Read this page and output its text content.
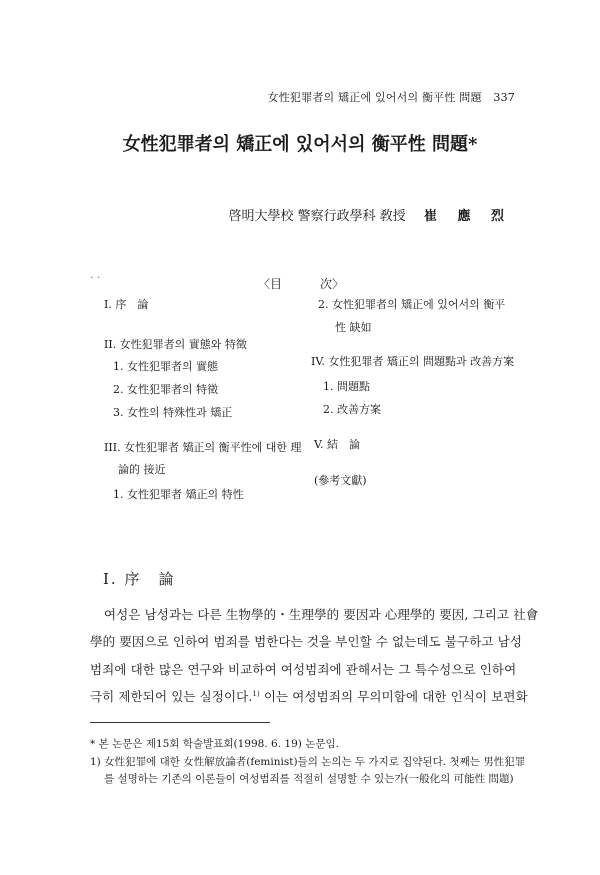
女性犯罪者의 矯正에 있어서의 衡平性 問題 337
女性犯罪者의 矯正에 있어서의 衡平性 問題*
啓明大學校 警察行政學科 敎授 崔 應 烈
· ·	〈目	次〉
I. 序　論
II. 女性犯罪者의 實態와 特徵
1. 女性犯罪者의 實態
2. 女性犯罪者의 特徵
3. 女性의 特殊性과 矯正
III. 女性犯罪者 矯正의 衡平性에 대한 理
論的 接近
1. 女性犯罪者 矯正의 特性
2. 女性犯罪者의 矯正에 있어서의 衡平
性 缺如
IV. 女性犯罪者 矯正의 問題點과 改善方案
1. 問題點
2. 改善方案
V. 結　論
(參考文獻)
I. 序　論
여성은 남성과는 다른 生物學的・生理學的 要因과 心理學的 要因, 그리고 社會
學的 要因으로 인하여 범죄를 범한다는 것을 부인할 수 없는데도 불구하고 남성
범죄에 대한 많은 연구와 비교하여 여성범죄에 관해서는 그 특수성으로 인하여
극히 제한되어 있는 실정이다.$^{1)}$ 이는 여성범죄의 무의미함에 대한 인식이 보편화
* 본 논문은 제15회 학술발표회(1998. 6. 19) 논문임.
1) 女性犯罪에 대한 女性解放論者(feminist)들의 논의는 두 가지로 집약된다. 첫째는 男性犯罪
를 설명하는 기존의 이론들이 여성범죄를 적절히 설명할 수 있는가(一般化의 可能性 問題)
